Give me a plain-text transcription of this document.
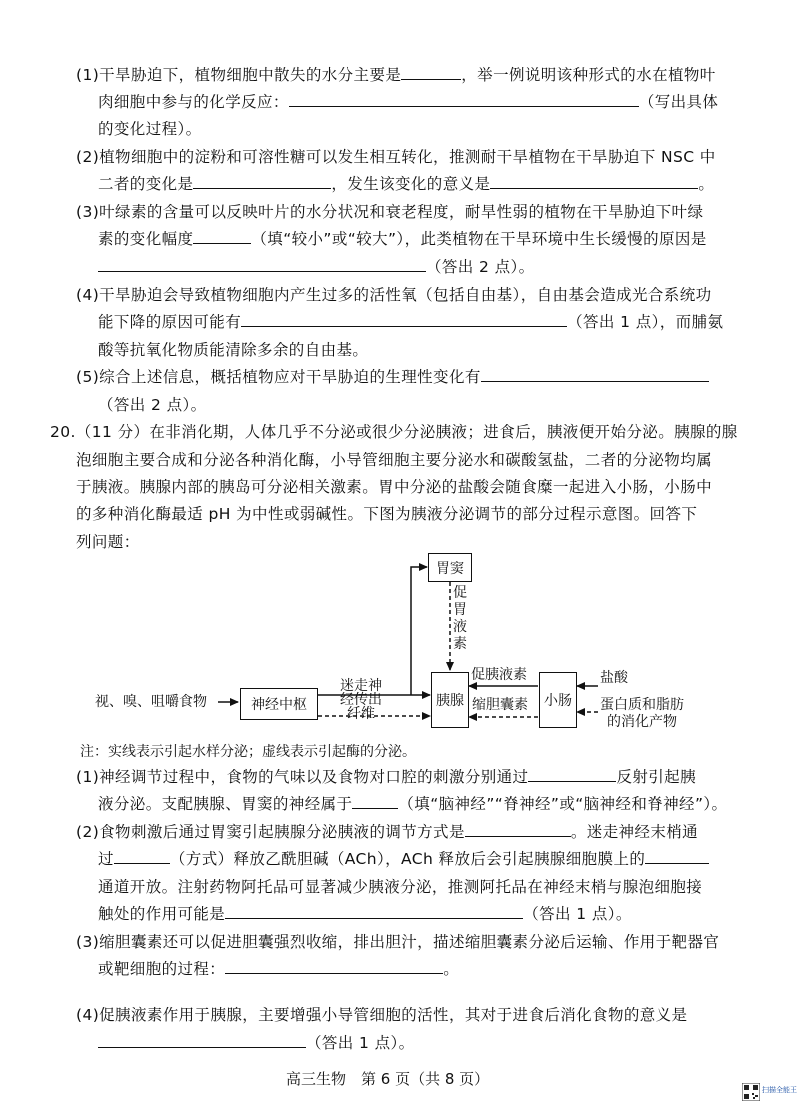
(1)干旱胁迫下，植物细胞中散失的水分主要是	，举一例说明该种形式的水在植物叶
肉细胞中参与的化学反应：	（写出具体
的变化过程）。
(2)植物细胞中的淀粉和可溶性糖可以发生相互转化，推测耐干旱植物在干旱胁迫下 NSC 中
二者的变化是	，发生该变化的意义是	。
(3)叶绿素的含量可以反映叶片的水分状况和衰老程度，耐旱性弱的植物在干旱胁迫下叶绿
素的变化幅度	（填“较小”或“较大”），此类植物在干旱环境中生长缓慢的原因是
（答出 2 点）。
(4)干旱胁迫会导致植物细胞内产生过多的活性氧（包括自由基），自由基会造成光合系统功
能下降的原因可能有	（答出 1 点），而脯氨
酸等抗氧化物质能清除多余的自由基。
(5)综合上述信息，概括植物应对干旱胁迫的生理性变化有
（答出 2 点）。
20.（11 分）在非消化期，人体几乎不分泌或很少分泌胰液；进食后，胰液便开始分泌。胰腺的腺
泡细胞主要合成和分泌各种消化酶，小导管细胞主要分泌水和碳酸氢盐，二者的分泌物均属
于胰液。胰腺内部的胰岛可分泌相关激素。胃中分泌的盐酸会随食糜一起进入小肠，小肠中
的多种消化酶最适 pH 为中性或弱碱性。下图为胰液分泌调节的部分过程示意图。回答下
列问题：
胃窦
促
胃
液
素
胰腺	小肠
神经中枢
视、嗅、咀嚼食物
迷走神
经传出
纤维
促胰液素
缩胆囊素
盐酸
蛋白质和脂肪
的消化产物
注：实线表示引起水样分泌；虚线表示引起酶的分泌。
(1)神经调节过程中，食物的气味以及食物对口腔的刺激分别通过	反射引起胰
液分泌。支配胰腺、胃窦的神经属于	（填“脑神经”“脊神经”或“脑神经和脊神经”）。
(2)食物刺激后通过胃窦引起胰腺分泌胰液的调节方式是	。迷走神经末梢通
过	（方式）释放乙酰胆碱（ACh），ACh 释放后会引起胰腺细胞膜上的
通道开放。注射药物阿托品可显著减少胰液分泌，推测阿托品在神经末梢与腺泡细胞接
触处的作用可能是	（答出 1 点）。
(3)缩胆囊素还可以促进胆囊强烈收缩，排出胆汁，描述缩胆囊素分泌后运输、作用于靶器官
或靶细胞的过程：	。
(4)促胰液素作用于胰腺，主要增强小导管细胞的活性，其对于进食后消化食物的意义是
（答出 1 点）。
高三生物　第 6 页（共 8 页）
扫描全能王
